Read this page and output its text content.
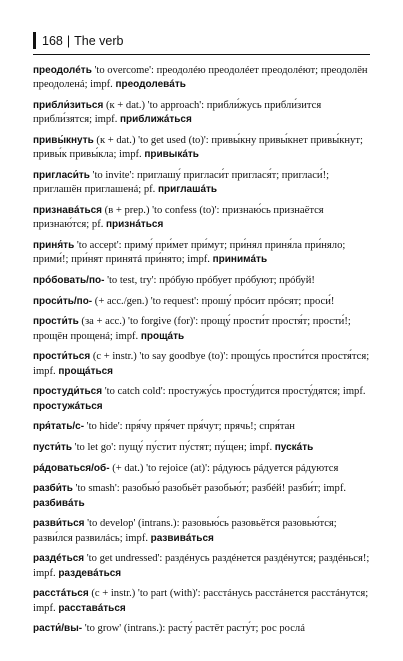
168 | The verb

преодолéть 'to overcome': преодолéю преодолéет преодолéют; преодолён преодоленá; impf. преодолевáть

прибли́зиться (к + dat.) 'to approach': прибли́жусь прибли́зится прибли́зятся; impf. приближáться

привы́кнуть (к + dat.) 'to get used (to)': привы́кну привы́кнет привы́кнут; привы́к привы́кла; impf. привыкáть

пригласи́ть 'to invite': приглашу́ пригласи́т приглася́т; пригласи́!; приглашён приглашенá; pf. приглашáть

признавáться (в + prep.) 'to confess (to)': признаю́сь признаётся признаю́тся; pf. признáться

приня́ть 'to accept': приму́ при́мет при́мут; при́нял приня́ла при́няло; прими́!; при́нят принятá при́нято; impf. принимáть

прóбовать/по- 'to test, try': прóбую прóбует прóбуют; прóбуй!

проси́ть/по- (+ acc./gen.) 'to request': прошу́ прóсит прóсят; проси́!

прости́ть (за + acc.) 'to forgive (for)': прощу́ прости́т простя́т; прости́!; прощён прощенá; impf. прощáть

прости́ться (с + instr.) 'to say goodbye (to)': прощу́сь прости́тся простя́тся; impf. прощáться

простуди́ться 'to catch cold': простужу́сь просту́дится просту́дятся; impf. простужáться

пря́тать/с- 'to hide': пря́чу пря́чет пря́чут; прячь!; спря́тан

пусти́ть 'to let go': пущу́ пу́стит пу́стят; пу́щен; impf. пускáть

рáдоваться/об- (+ dat.) 'to rejoice (at)': рáдуюсь рáдуется рáдуются

разби́ть 'to smash': разобью́ разобьёт разобью́т; разбéй! разби́т; impf. разбивáть

разви́ться 'to develop' (intrans.): разовью́сь разовьётся разовью́тся; разви́лся развилáсь; impf. развивáться

раздéться 'to get undressed': раздéнусь раздéнется раздéнутся; раздéнься!; impf. раздевáться

расстáться (с + instr.) 'to part (with)': расстáнусь расстáнется расстáнутся; impf. расставáться

расти́/вы- 'to grow' (intrans.): расту́ растёт расту́т; рос рослá
